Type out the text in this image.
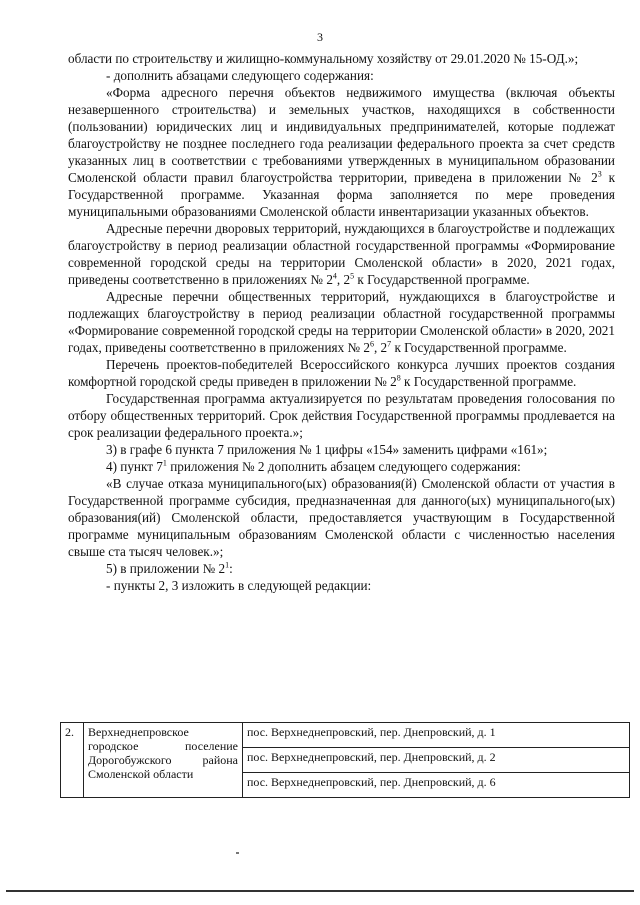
3

области по строительству и жилищно-коммунальному хозяйству от 29.01.2020 № 15-ОД.»;

- дополнить абзацами следующего содержания:

«Форма адресного перечня объектов недвижимого имущества (включая объекты незавершенного строительства) и земельных участков, находящихся в собственности (пользовании) юридических лиц и индивидуальных предпринимателей, которые подлежат благоустройству не позднее последнего года реализации федерального проекта за счет средств указанных лиц в соответствии с требованиями утвержденных в муниципальном образовании Смоленской области правил благоустройства территории, приведена в приложении № $2^3$ к Государственной программе. Указанная форма заполняется по мере проведения муниципальными образованиями Смоленской области инвентаризации указанных объектов.

Адресные перечни дворовых территорий, нуждающихся в благоустройстве и подлежащих благоустройству в период реализации областной государственной программы «Формирование современной городской среды на территории Смоленской области» в 2020, 2021 годах, приведены соответственно в приложениях № $2^4$, $2^5$ к Государственной программе.

Адресные перечни общественных территорий, нуждающихся в благоустройстве и подлежащих благоустройству в период реализации областной государственной программы «Формирование современной городской среды на территории Смоленской области» в 2020, 2021 годах, приведены соответственно в приложениях № $2^6$, $2^7$ к Государственной программе.

Перечень проектов-победителей Всероссийского конкурса лучших проектов создания комфортной городской среды приведен в приложении № $2^8$ к Государственной программе.

Государственная программа актуализируется по результатам проведения голосования по отбору общественных территорий. Срок действия Государственной программы продлевается на срок реализации федерального проекта.»;

3) в графе 6 пункта 7 приложения № 1 цифры «154» заменить цифрами «161»;

4) пункт $7^1$ приложения № 2 дополнить абзацем следующего содержания:

«В случае отказа муниципального(ых) образования(й) Смоленской области от участия в Государственной программе субсидия, предназначенная для данного(ых) муниципального(ых) образования(ий) Смоленской области, предоставляется участвующим в Государственной программе муниципальным образованиям Смоленской области с численностью населения свыше ста тысяч человек.»;

5) в приложении № $2^1$:

- пункты 2, 3 изложить в следующей редакции:

2.	Верхнеднепровское городское поселение Дорогобужского района Смоленской области	пос. Верхнеднепровский, пер. Днепровский, д. 1
пос. Верхнеднепровский, пер. Днепровский, д. 2
пос. Верхнеднепровский, пер. Днепровский, д. 6
